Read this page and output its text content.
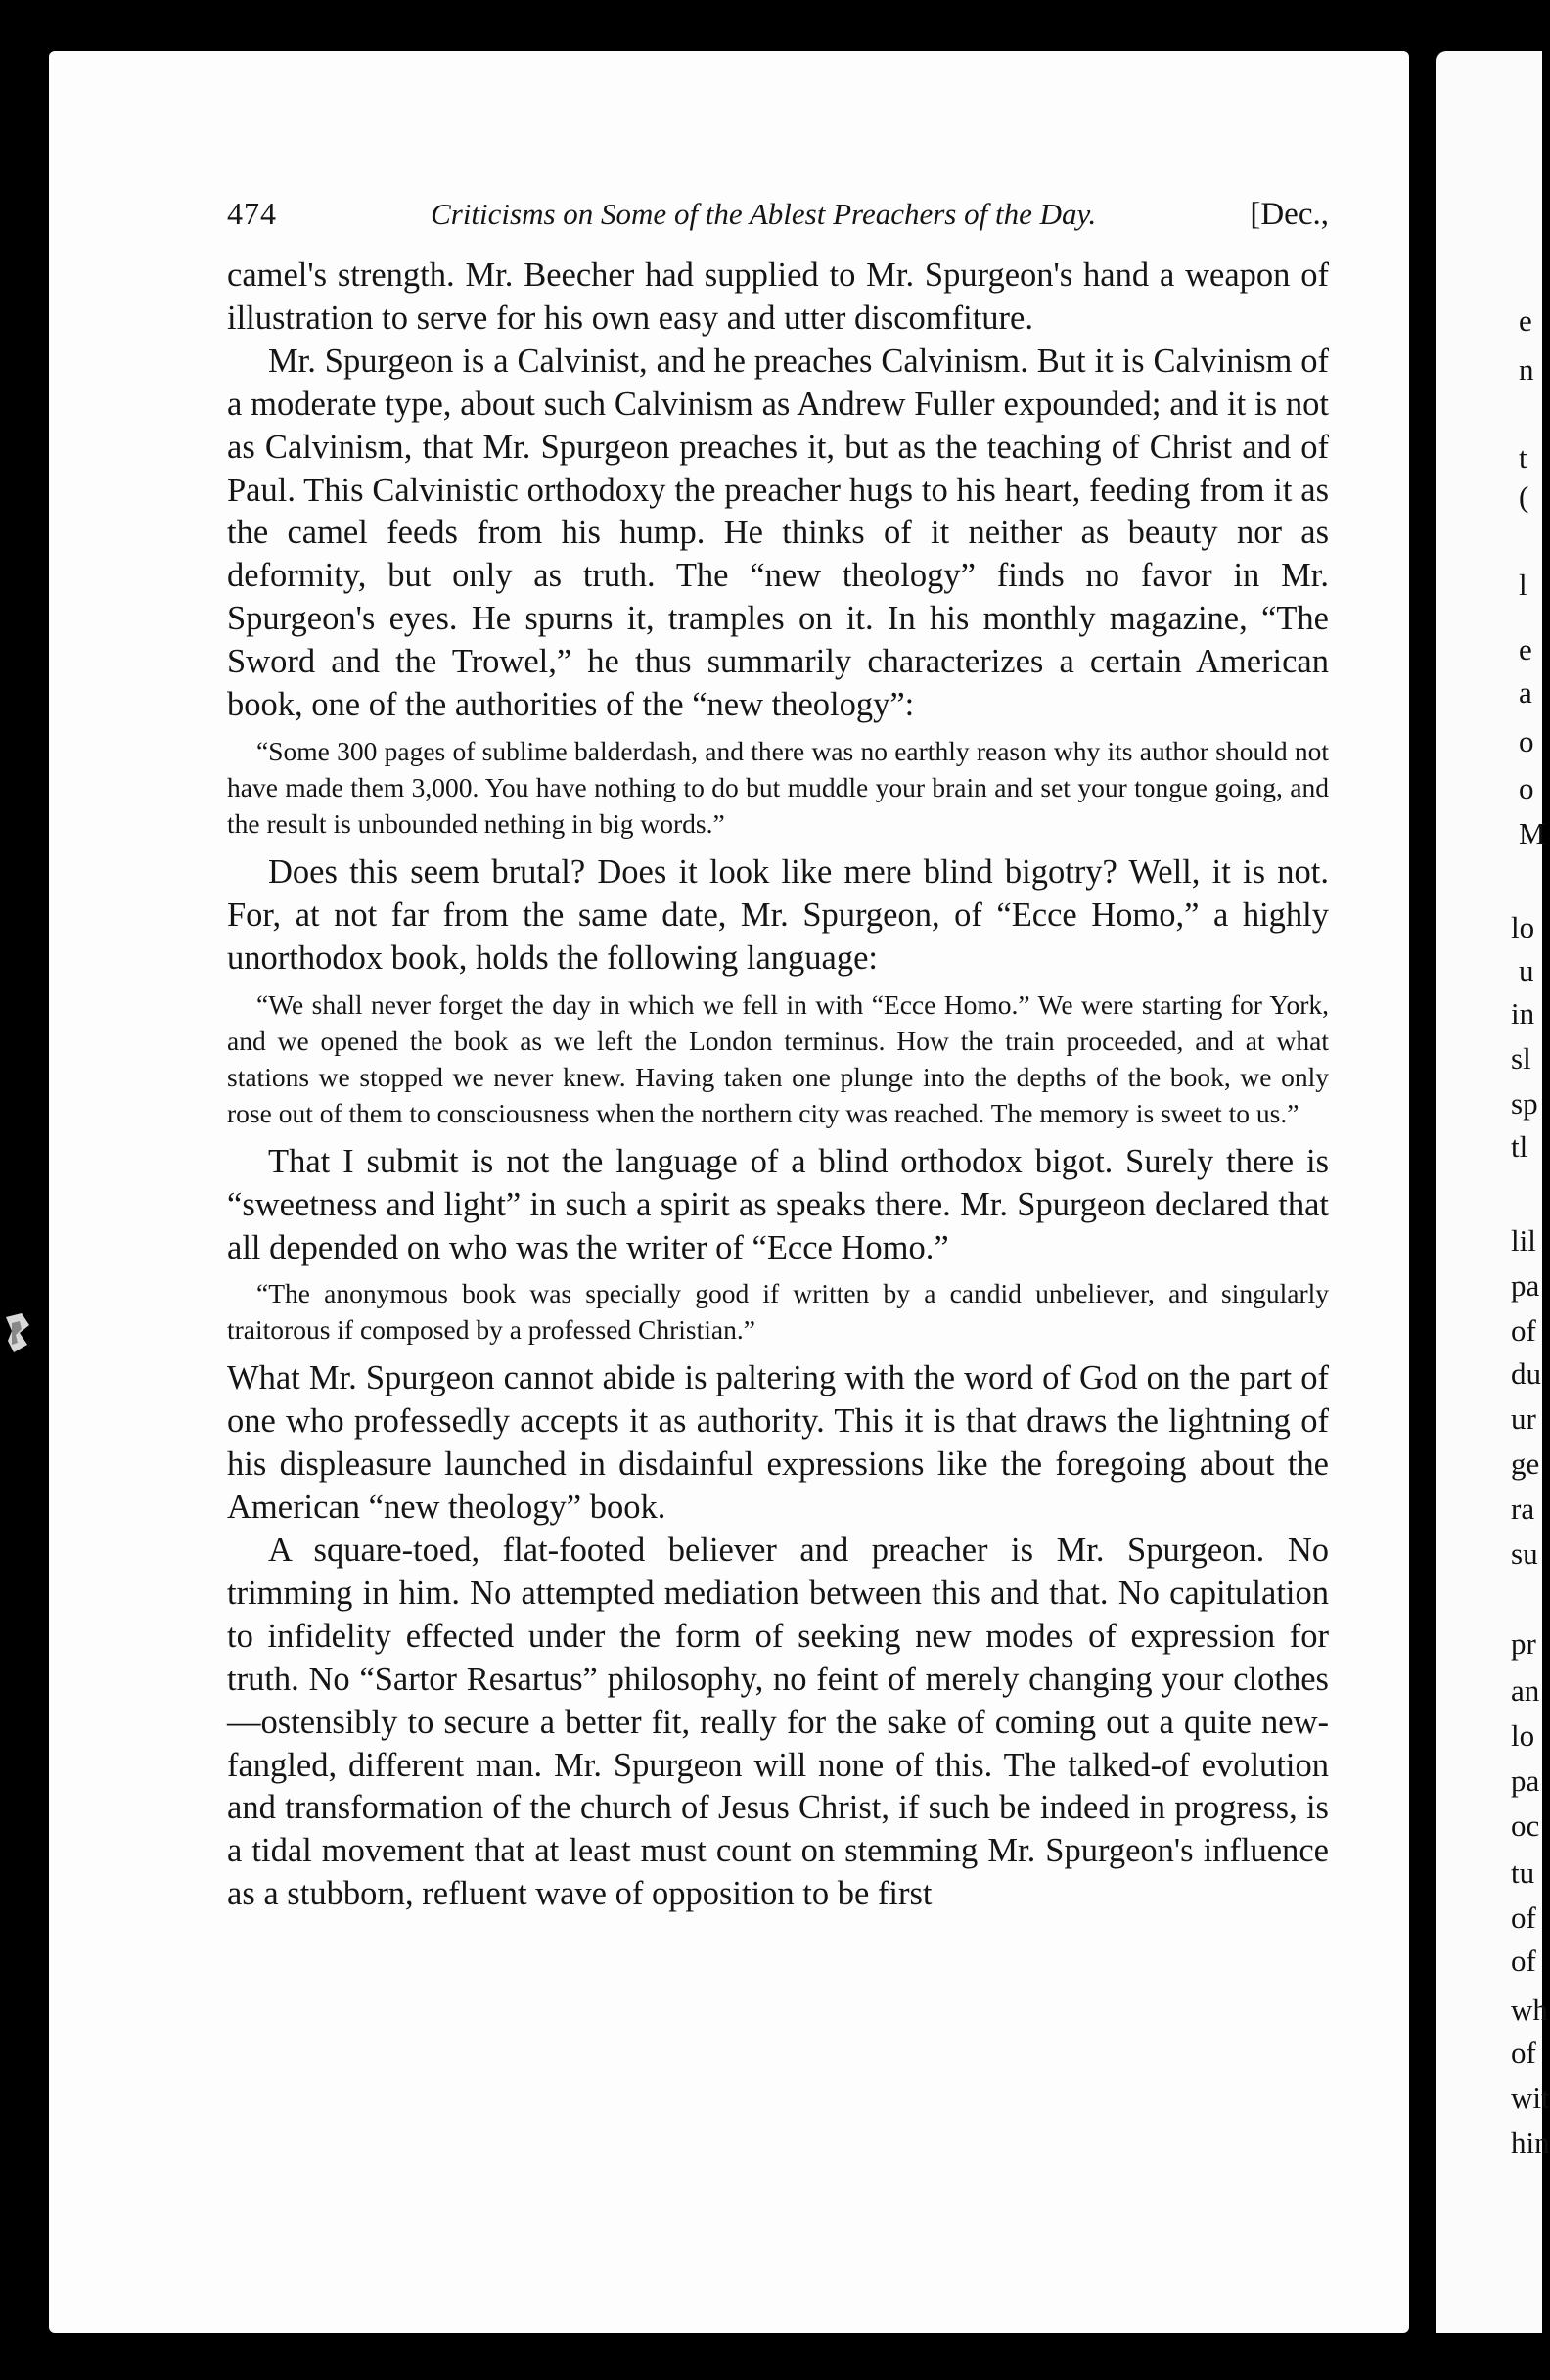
474	Criticisms on Some of the Ablest Preachers of the Day.	[Dec.,

camel's strength. Mr. Beecher had supplied to Mr. Spurgeon's hand a weapon of illustration to serve for his own easy and utter discomfiture.

Mr. Spurgeon is a Calvinist, and he preaches Calvinism. But it is Calvinism of a moderate type, about such Calvinism as Andrew Fuller expounded; and it is not as Calvinism, that Mr. Spurgeon preaches it, but as the teaching of Christ and of Paul. This Calvinistic orthodoxy the preacher hugs to his heart, feeding from it as the camel feeds from his hump. He thinks of it neither as beauty nor as deformity, but only as truth. The “new theology” finds no favor in Mr. Spurgeon's eyes. He spurns it, tramples on it. In his monthly magazine, “The Sword and the Trowel,” he thus summarily characterizes a certain American book, one of the authorities of the “new theology”:

“Some 300 pages of sublime balderdash, and there was no earthly reason why its author should not have made them 3,000. You have nothing to do but muddle your brain and set your tongue going, and the result is unbounded nething in big words.”

Does this seem brutal? Does it look like mere blind bigotry? Well, it is not. For, at not far from the same date, Mr. Spurgeon, of “Ecce Homo,” a highly unorthodox book, holds the following language:

“We shall never forget the day in which we fell in with “Ecce Homo.” We were starting for York, and we opened the book as we left the London terminus. How the train proceeded, and at what stations we stopped we never knew. Having taken one plunge into the depths of the book, we only rose out of them to consciousness when the northern city was reached. The memory is sweet to us.”

That I submit is not the language of a blind orthodox bigot. Surely there is “sweetness and light” in such a spirit as speaks there. Mr. Spurgeon declared that all depended on who was the writer of “Ecce Homo.”

“The anonymous book was specially good if written by a candid unbeliever, and singularly traitorous if composed by a professed Christian.”

What Mr. Spurgeon cannot abide is paltering with the word of God on the part of one who professedly accepts it as authority. This it is that draws the lightning of his displeasure launched in disdainful expressions like the foregoing about the American “new theology” book.

A square-toed, flat-footed believer and preacher is Mr. Spurgeon. No trimming in him. No attempted mediation between this and that. No capitulation to infidelity effected under the form of seeking new modes of expression for truth. No “Sartor Resartus” philosophy, no feint of merely changing your clothes—ostensibly to secure a better fit, really for the sake of coming out a quite new-fangled, different man. Mr. Spurgeon will none of this. The talked-of evolution and transformation of the church of Jesus Christ, if such be indeed in progress, is a tidal movement that at least must count on stemming Mr. Spurgeon's influence as a stubborn, refluent wave of opposition to be first

e
n
t
(
l
e
a
o
o
M
lo
u
in
sl
sp
tl
lil
pa
of
du
ur
ge
ra
su
pr
an
lo
pa
oc
tu
of
of
wh
of
wit
hin
